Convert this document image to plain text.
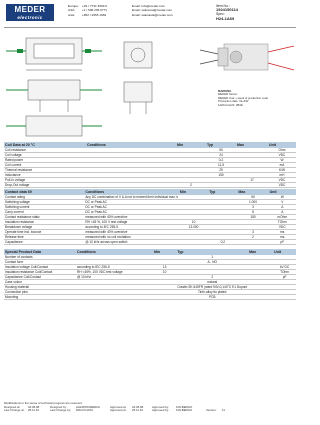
MEDER
electronic
Europe:	+49 / 7731 8399 0	Email: info@meder.com
USA:	+1 / 508 295 0771	Email: salesusa@meder.com
Asia:	+852 / 2955 1682	Email: salesasia@meder.com
Item No.:
1924150114
Spec:
H24-1A69
MARKING
MEDER Series:
MEDER Year + week of production code
Production date: 32+KW
1A69 Ansicht: 2B3E
Coil Data at 20 °C	Conditions	Min	Typ	Max	Unit
Coil resistance			50		Ohm
Coil voltage			24		VDC
Rated power			0,2		W
Coil current			11,5		mA
Thermal resistance			29		K/W
Inductance			150		mH
Pull-In voltage				17	VDC
Drop-Out voltage		2			VDC
Contact data 69	Conditions	Min	Typ	Max	Unit
Contact rating	Any DC combination of V & A not to exceed their individual max.'s			50	W
Switching voltage	DC or Peak AC			1.000	V
Switching current	DC or Peak AC			3	A
Carry current	DC or Peak AC			5	A
Contact resistance static	measured with 40% overdrive			150	mOhm
Insulation resistance	RH <45 %, 100 V test voltage	10			TOhm
Breakdown voltage	according to IEC 255-5	13.000			VDC
Operate time incl. bounce	measured with 40% overdrive			3	ms
Release time	measured with no coil excitation			2	ms
Capacitance	@ 10 kHz across open switch		0,2		pF
Special Product Data	Conditions	Min	Typ	Max	Unit
Number of contacts			1		
Contact form			A - NO		
Insulation voltage Coil/Contact	according to IEC 255-5	13			kV DC
Insulation resistance Coil/Contact	RH <45%, 100 VDC test voltage	10			TOhm
Capacitance Coil/Contact	@ 10 kHz		2		pF
Case colour			natural		
Housing material			Crastin SK 645FR (rated 94V-0,140°C E1 Dupont		
Connection pins			Tinfn-alloy tin plated		
Mounting			PCB		
Modifications in the sense of technical progress are reserved
Designed at:	04.06.98	Designed by:	ALEXPROMERKA	Approved at:	04.06.98	Approved by:	KOLBERGO
Last Change at:	25.11.10	Last Change by:	MACOCHOU	Approved at:	26.11.10	Approved by:	KOLBERGO	Version:	11
